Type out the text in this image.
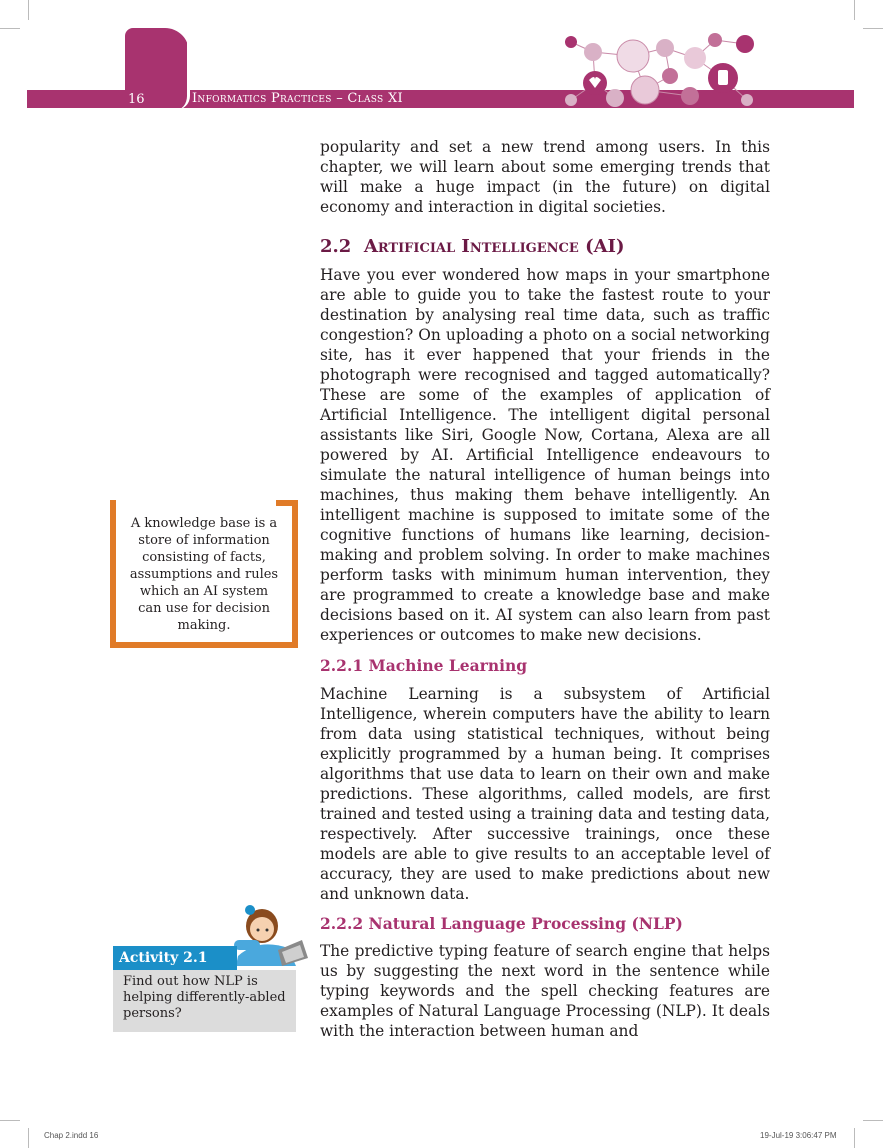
16	Informatics Practices – Class XI

popularity and set a new trend among users. In this chapter, we will learn about some emerging trends that will make a huge impact (in the future) on digital economy and interaction in digital societies.

2.2 Artificial Intelligence (AI)

Have you ever wondered how maps in your smartphone are able to guide you to take the fastest route to your destination by analysing real time data, such as traffic congestion? On uploading a photo on a social networking site, has it ever happened that your friends in the photograph were recognised and tagged automatically? These are some of the examples of application of Artificial Intelligence. The intelligent digital personal assistants like Siri, Google Now, Cortana, Alexa are all powered by AI. Artificial Intelligence endeavours to simulate the natural intelligence of human beings into machines, thus making them behave intelligently. An intelligent machine is supposed to imitate some of the cognitive functions of humans like learning, decision-making and problem solving. In order to make machines perform tasks with minimum human intervention, they are programmed to create a knowledge base and make decisions based on it. AI system can also learn from past experiences or outcomes to make new decisions.

2.2.1 Machine Learning

Machine Learning is a subsystem of Artificial Intelligence, wherein computers have the ability to learn from data using statistical techniques, without being explicitly programmed by a human being. It comprises algorithms that use data to learn on their own and make predictions. These algorithms, called models, are first trained and tested using a training data and testing data, respectively. After successive trainings, once these models are able to give results to an acceptable level of accuracy, they are used to make predictions about new and unknown data.

2.2.2 Natural Language Processing (NLP)

The predictive typing feature of search engine that helps us by suggesting the next word in the sentence while typing keywords and the spell checking features are examples of Natural Language Processing (NLP). It deals with the interaction between human and

A knowledge base is a store of information consisting of facts, assumptions and rules which an AI system can use for decision making.
Activity 2.1
Find out how NLP is helping differently-abled persons?
Chap 2.indd 16	19-Jul-19 3:06:47 PM
